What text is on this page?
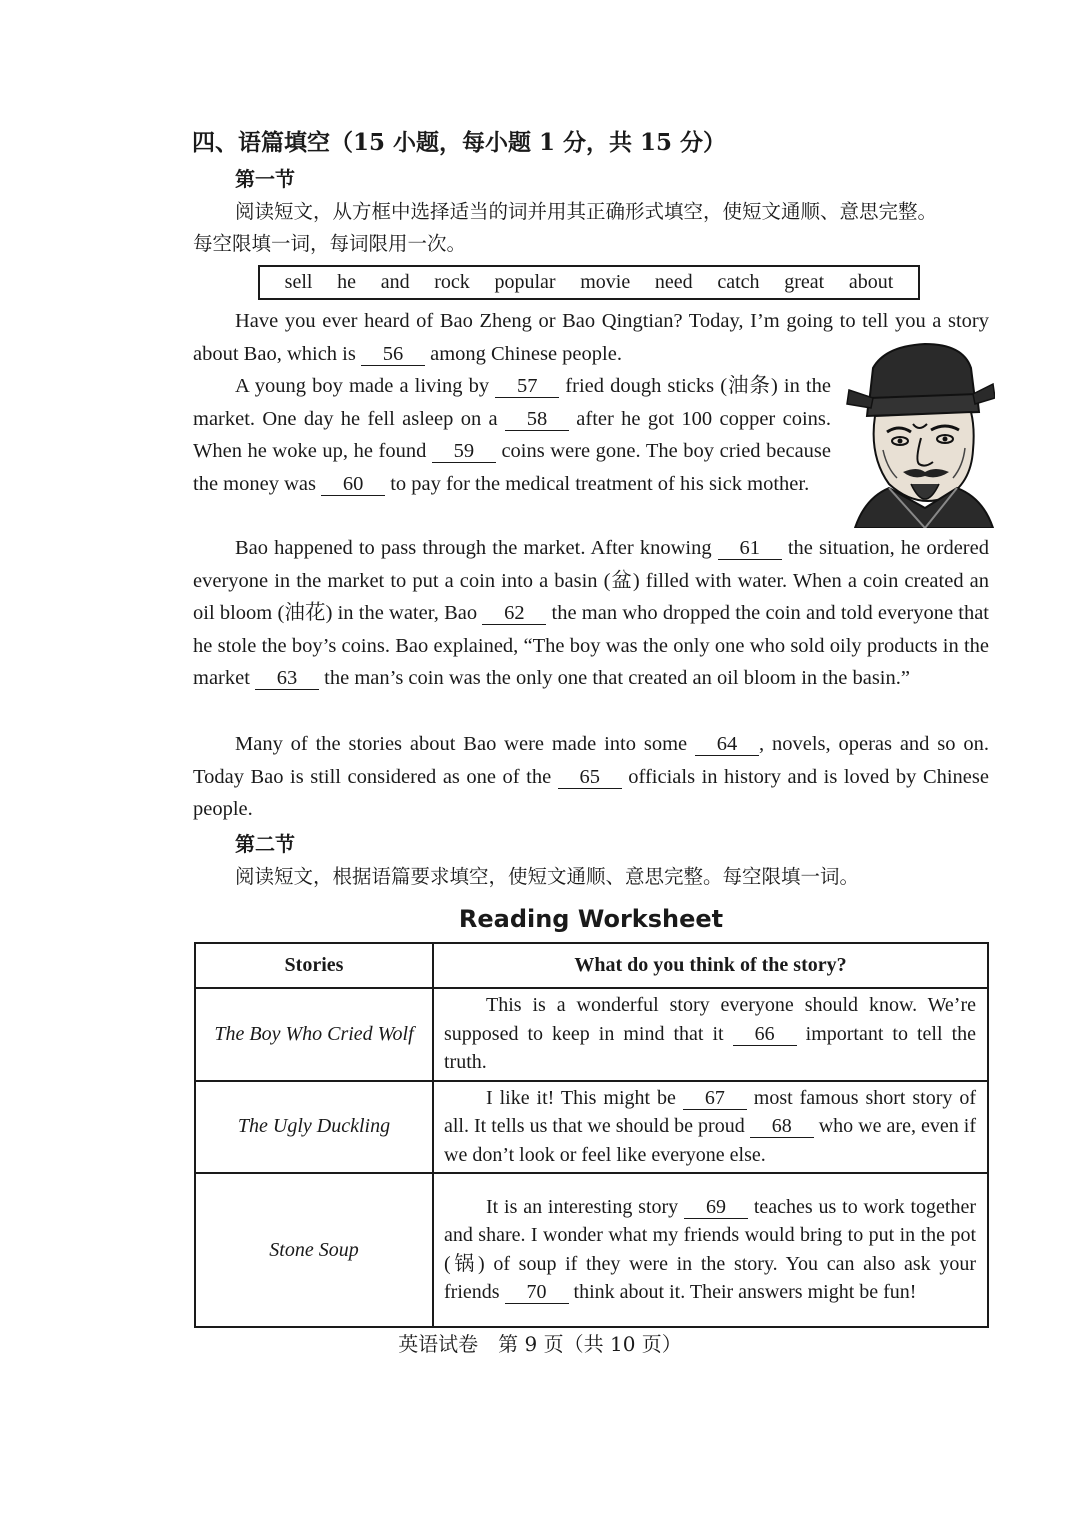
四、语篇填空（15 小题，每小题 1 分，共 15 分）
第一节
阅读短文，从方框中选择适当的词并用其正确形式填空，使短文通顺、意思完整。
每空限填一词，每词限用一次。
sell he and rock popular movie need catch great about

Have you ever heard of Bao Zheng or Bao Qingtian? Today, I’m going to tell you a story about Bao, which is 56 among Chinese people.

A young boy made a living by 57 fried dough sticks (油条) in the market. One day he fell asleep on a 58 after he got 100 copper coins. When he woke up, he found 59 coins were gone. The boy cried because the money was 60 to pay for the medical treatment of his sick mother.

Bao happened to pass through the market. After knowing 61 the situation, he ordered everyone in the market to put a coin into a basin (盆) filled with water. When a coin created an oil bloom (油花) in the water, Bao 62 the man who dropped the coin and told everyone that he stole the boy’s coins. Bao explained, “The boy was the only one who sold oily products in the market 63 the man’s coin was the only one that created an oil bloom in the basin.”

Many of the stories about Bao were made into some 64 , novels, operas and so on. Today Bao is still considered as one of the 65 officials in history and is loved by Chinese people.

第二节
阅读短文，根据语篇要求填空，使短文通顺、意思完整。每空限填一词。
Reading Worksheet
Stories	What do you think of the story?
The Boy Who Cried Wolf	This is a wonderful story everyone should know. We’re supposed to keep in mind that it 66 important to tell the truth.
The Ugly Duckling	I like it! This might be 67 most famous short story of all. It tells us that we should be proud 68 who we are, even if we don’t look or feel like everyone else.
Stone Soup	It is an interesting story 69 teaches us to work together and share. I wonder what my friends would bring to put in the pot (锅) of soup if they were in the story. You can also ask your friends 70 think about it. Their answers might be fun!
英语试卷　第 9 页（共 10 页）
